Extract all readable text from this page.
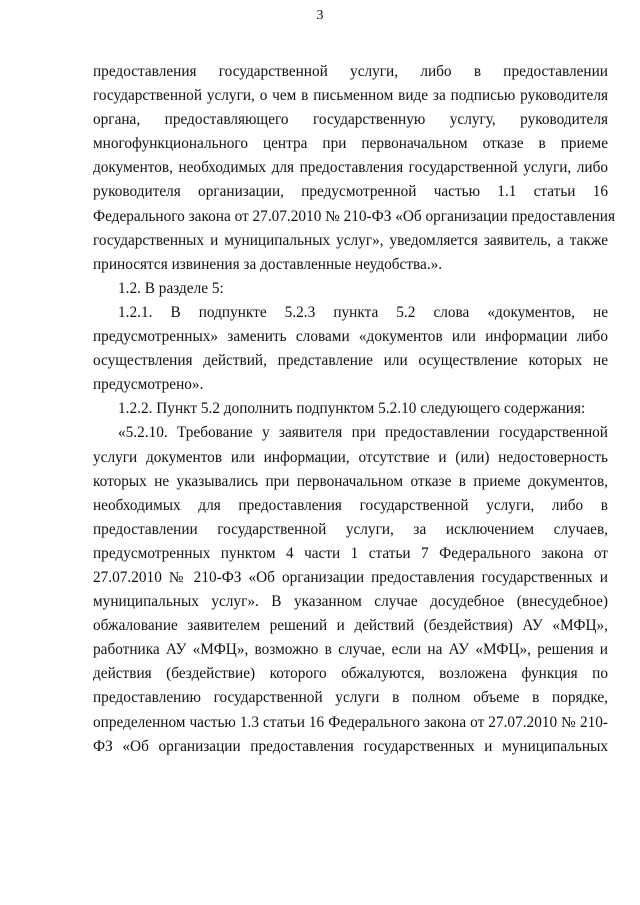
3

предоставления государственной услуги, либо в предоставлении
государственной услуги, о чем в письменном виде за подписью руководителя
органа, предоставляющего государственную услугу, руководителя
многофункционального центра при первоначальном отказе в приеме
документов, необходимых для предоставления государственной услуги, либо
руководителя организации, предусмотренной частью 1.1 статьи 16
Федерального закона от 27.07.2010 № 210-ФЗ «Об организации предоставления
государственных и муниципальных услуг», уведомляется заявитель, а также
приносятся извинения за доставленные неудобства.».

1.2. В разделе 5:

1.2.1. В подпункте 5.2.3 пункта 5.2 слова «документов, не
предусмотренных» заменить словами «документов или информации либо
осуществления действий, представление или осуществление которых не
предусмотрено».

1.2.2. Пункт 5.2 дополнить подпунктом 5.2.10 следующего содержания:

«5.2.10. Требование у заявителя при предоставлении государственной
услуги документов или информации, отсутствие и (или) недостоверность
которых не указывались при первоначальном отказе в приеме документов,
необходимых для предоставления государственной услуги, либо в
предоставлении государственной услуги, за исключением случаев,
предусмотренных пунктом 4 части 1 статьи 7 Федерального закона от
27.07.2010 № 210-ФЗ «Об организации предоставления государственных и
муниципальных услуг». В указанном случае досудебное (внесудебное)
обжалование заявителем решений и действий (бездействия) АУ «МФЦ»,
работника АУ «МФЦ», возможно в случае, если на АУ «МФЦ», решения и
действия (бездействие) которого обжалуются, возложена функция по
предоставлению государственной услуги в полном объеме в порядке,
определенном частью 1.3 статьи 16 Федерального закона от 27.07.2010 № 210-
ФЗ «Об организации предоставления государственных и муниципальных
